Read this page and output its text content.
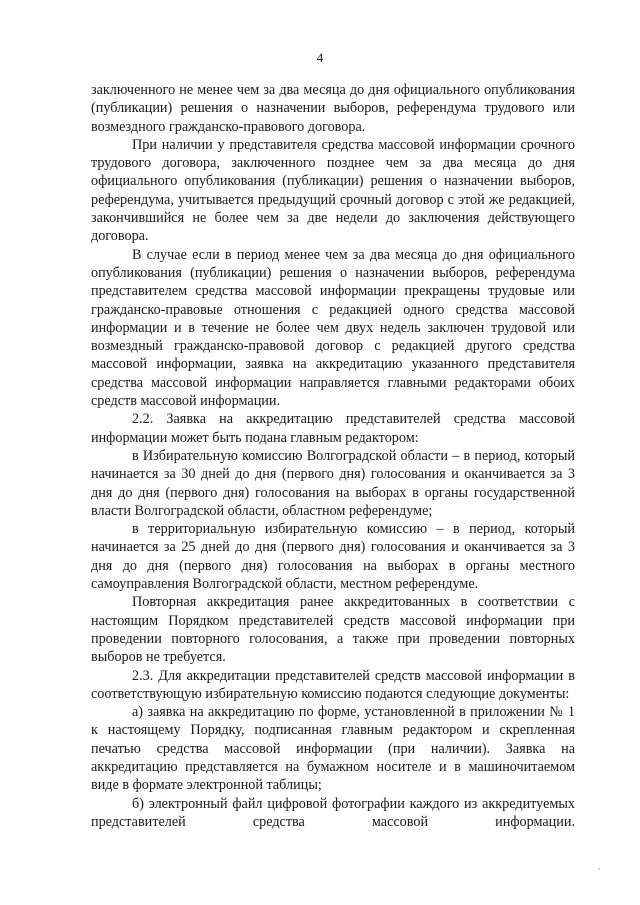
4

заключенного не менее чем за два месяца до дня официального опубликования (публикации) решения о назначении выборов, референдума трудового или возмездного гражданско-правового договора.

При наличии у представителя средства массовой информации срочного трудового договора, заключенного позднее чем за два месяца до дня официального опубликования (публикации) решения о назначении выборов, референдума, учитывается предыдущий срочный договор с этой же редакцией, закончившийся не более чем за две недели до заключения действующего договора.

В случае если в период менее чем за два месяца до дня официального опубликования (публикации) решения о назначении выборов, референдума представителем средства массовой информации прекращены трудовые или гражданско-правовые отношения с редакцией одного средства массовой информации и в течение не более чем двух недель заключен трудовой или возмездный гражданско-правовой договор с редакцией другого средства массовой информации, заявка на аккредитацию указанного представителя средства массовой информации направляется главными редакторами обоих средств массовой информации.

2.2. Заявка на аккредитацию представителей средства массовой информации может быть подана главным редактором:

в Избирательную комиссию Волгоградской области – в период, который начинается за 30 дней до дня (первого дня) голосования и оканчивается за 3 дня до дня (первого дня) голосования на выборах в органы государственной власти Волгоградской области, областном референдуме;

в территориальную избирательную комиссию – в период, который начинается за 25 дней до дня (первого дня) голосования и оканчивается за 3 дня до дня (первого дня) голосования на выборах в органы местного самоуправления Волгоградской области, местном референдуме.

Повторная аккредитация ранее аккредитованных в соответствии с настоящим Порядком представителей средств массовой информации при проведении повторного голосования, а также при проведении повторных выборов не требуется.

2.3. Для аккредитации представителей средств массовой информации в соответствующую избирательную комиссию подаются следующие документы:

а) заявка на аккредитацию по форме, установленной в приложении № 1 к настоящему Порядку, подписанная главным редактором и скрепленная печатью средства массовой информации (при наличии). Заявка на аккредитацию представляется на бумажном носителе и в машиночитаемом виде в формате электронной таблицы;

б) электронный файл цифровой фотографии каждого из аккредитуемых представителей средства массовой информации.
